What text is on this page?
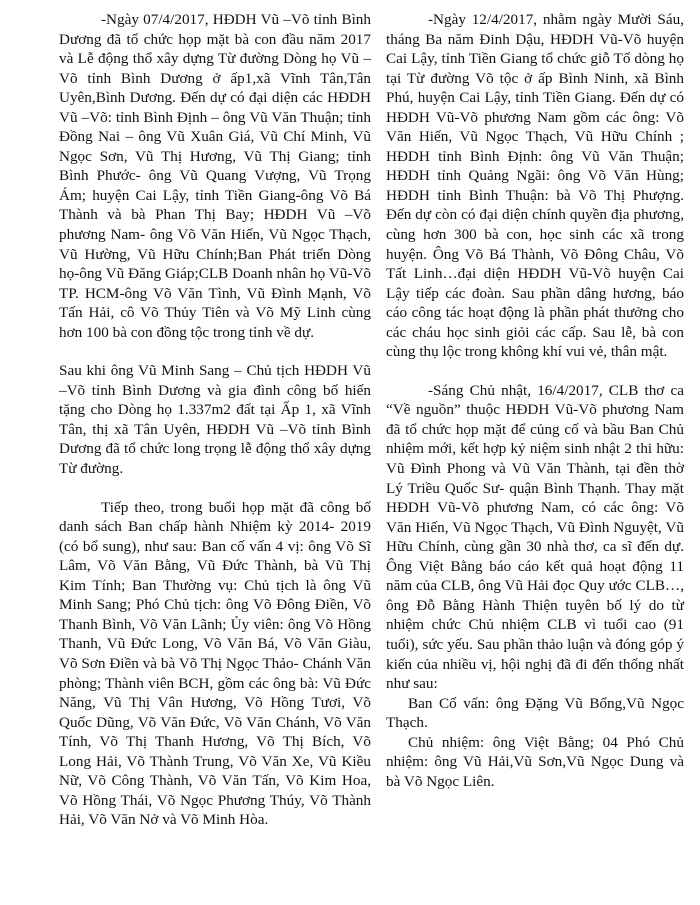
-Ngày 07/4/2017, HĐDH Vũ –Võ tỉnh Bình Dương đã tổ chức họp mặt bà con đầu năm 2017 và Lễ động thổ xây dựng Từ đường Dòng họ Vũ –Võ tỉnh Bình Dương ở ấp1,xã Vĩnh Tân,Tân Uyên,Bình Dương. Đến dự có đại diện các HĐDH Vũ –Võ: tỉnh Bình Định – ông Vũ Văn Thuận; tỉnh Đồng Nai – ông Vũ Xuân Giá, Vũ Chí Minh, Vũ Ngọc Sơn, Vũ Thị Hương, Vũ Thị Giang; tỉnh Bình Phước- ông Vũ Quang Vượng, Vũ Trọng Ám; huyện Cai Lậy, tỉnh Tiền Giang-ông Võ Bá Thành và bà Phan Thị Bay; HĐDH Vũ –Võ phương Nam- ông Võ Văn Hiến, Vũ Ngọc Thạch, Vũ Hường, Vũ Hữu Chính;Ban Phát triển Dòng họ-ông Vũ Đăng Giáp;CLB Doanh nhân họ Vũ-Võ TP. HCM-ông Võ Văn Tình, Vũ Đình Mạnh, Võ Tấn Hải, cô Võ Thủy Tiên và Võ Mỹ Linh cùng hơn 100 bà con đồng tộc trong tỉnh về dự.

Sau khi ông Vũ Minh Sang – Chủ tịch HĐDH Vũ –Võ tỉnh Bình Dương và gia đình công bố hiến tặng cho Dòng họ 1.337m2 đất tại Ấp 1, xã Vĩnh Tân, thị xã Tân Uyên, HĐDH Vũ –Võ tỉnh Bình Dương đã tổ chức long trọng lễ động thổ xây dựng Từ đường.

Tiếp theo, trong buổi họp mặt đã công bố danh sách Ban chấp hành Nhiệm kỳ 2014- 2019 (có bổ sung), như sau: Ban cố vấn 4 vị: ông Võ Sĩ Lâm, Võ Văn Bằng, Vũ Đức Thành, bà Vũ Thị Kim Tính; Ban Thường vụ: Chủ tịch là ông Vũ Minh Sang; Phó Chủ tịch: ông Võ Đông Điền, Võ Thanh Bình, Võ Văn Lãnh; Ủy viên: ông Võ Hồng Thanh, Vũ Đức Long, Võ Văn Bá, Võ Văn Giàu, Võ Sơn Điền và bà Võ Thị Ngọc Thảo- Chánh Văn phòng; Thành viên BCH, gồm các ông bà: Vũ Đức Năng, Vũ Thị Vân Hương, Võ Hồng Tươi, Võ Quốc Dũng, Võ Văn Đức, Võ Văn Chánh, Võ Văn Tính, Võ Thị Thanh Hương, Võ Thị Bích, Võ Long Hải, Võ Thành Trung, Võ Văn Xe, Vũ Kiều Nữ, Võ Công Thành, Võ Văn Tấn, Võ Kim Hoa, Võ Hồng Thái, Võ Ngọc Phương Thúy, Võ Thành Hải, Võ Văn Nở và Võ Minh Hòa.

-Ngày 12/4/2017, nhằm ngày Mười Sáu, tháng Ba năm Đinh Dậu, HĐDH Vũ-Võ huyện Cai Lậy, tỉnh Tiền Giang tổ chức giỗ Tổ dòng họ tại Từ đường Võ tộc ở ấp Bình Ninh, xã Bình Phú, huyện Cai Lậy, tỉnh Tiền Giang. Đến dự có HĐDH Vũ-Võ phương Nam gồm các ông: Võ Văn Hiến, Vũ Ngọc Thạch, Vũ Hữu Chính ; HĐDH tỉnh Bình Định: ông Vũ Văn Thuận; HĐDH tỉnh Quảng Ngãi: ông Võ Văn Hùng; HĐDH tỉnh Bình Thuận: bà Võ Thị Phượng. Đến dự còn có đại diện chính quyền địa phương, cùng hơn 300 bà con, học sinh các xã trong huyện. Ông Võ Bá Thành, Võ Đông Châu, Võ Tất Linh…đại diện HĐDH Vũ-Võ huyện Cai Lậy tiếp các đoàn. Sau phần dâng hương, báo cáo công tác hoạt động là phần phát thưởng cho các cháu học sinh giỏi các cấp. Sau lễ, bà con cùng thụ lộc trong không khí vui vẻ, thân mật.

-Sáng Chủ nhật, 16/4/2017, CLB thơ ca “Về nguồn” thuộc HĐDH Vũ-Võ phương Nam đã tổ chức họp mặt để củng cố và bầu Ban Chủ nhiệm mới, kết hợp kỷ niệm sinh nhật 2 thi hữu: Vũ Đình Phong và Vũ Văn Thành, tại đền thờ Lý Triều Quốc Sư- quận Bình Thạnh. Thay mặt HĐDH Vũ-Võ phương Nam, có các ông: Võ Văn Hiến, Vũ Ngọc Thạch, Vũ Đình Nguyệt, Vũ Hữu Chính, cùng gần 30 nhà thơ, ca sĩ đến dự. Ông Việt Bằng báo cáo kết quả hoạt động 11 năm của CLB, ông Vũ Hải đọc Quy ước CLB…, ông Đỗ Bằng Hành Thiện tuyên bố lý do từ nhiệm chức Chủ nhiệm CLB vì tuổi cao (91 tuổi), sức yếu. Sau phần thảo luận và đóng góp ý kiến của nhiều vị, hội nghị đã đi đến thống nhất như sau:

Ban Cố vấn: ông Đặng Vũ Bổng,Vũ Ngọc Thạch.

Chủ nhiệm: ông Việt Bằng; 04 Phó Chủ nhiệm: ông Vũ Hải,Vũ Sơn,Vũ Ngọc Dung và bà Võ Ngọc Liên.
